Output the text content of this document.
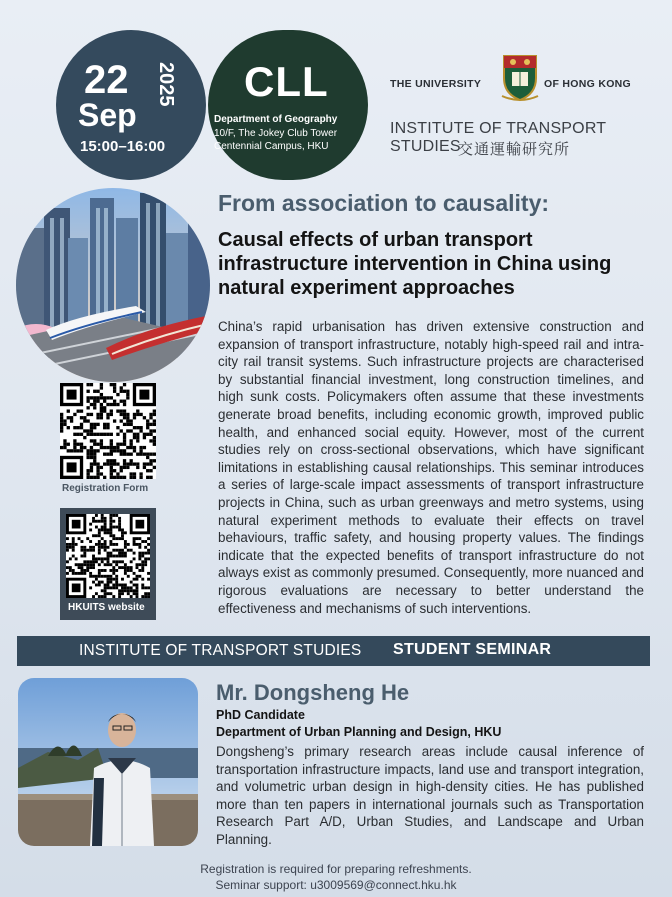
22
Sep
2025
15:00–16:00
CLL
Department of Geography
10/F, The Jokey Club Tower
Centennial Campus, HKU
THE UNIVERSITY	OF HONG KONG
INSTITUTE OF TRANSPORT STUDIES
交通運輸研究所
From association to causality:
Causal effects of urban transport infrastructure intervention in China using natural experiment approaches
China’s rapid urbanisation has driven extensive construction and expansion of transport infrastructure, notably high-speed rail and intra-city rail transit systems. Such infrastructure projects are characterised by substantial financial investment, long construction timelines, and high sunk costs. Policymakers often assume that these investments generate broad benefits, including economic growth, improved public health, and enhanced social equity. However, most of the current studies rely on cross-sectional observations, which have significant limitations in establishing causal relationships. This seminar introduces a series of large-scale impact assessments of transport infrastructure projects in China, such as urban greenways and metro systems, using natural experiment methods to evaluate their effects on travel behaviours, traffic safety, and housing property values. The findings indicate that the expected benefits of transport infrastructure do not always exist as commonly presumed. Consequently, more nuanced and rigorous evaluations are necessary to better understand the effectiveness and mechanisms of such interventions.
Registration Form
HKUITS website
INSTITUTE OF TRANSPORT STUDIES STUDENT SEMINAR
Mr. Dongsheng He
PhD Candidate
Department of Urban Planning and Design, HKU
Dongsheng’s primary research areas include causal inference of transportation infrastructure impacts, land use and transport integration, and volumetric urban design in high-density cities. He has published more than ten papers in international journals such as Transportation Research Part A/D, Urban Studies, and Landscape and Urban Planning.
Registration is required for preparing refreshments.
Seminar support: u3009569@connect.hku.hk
